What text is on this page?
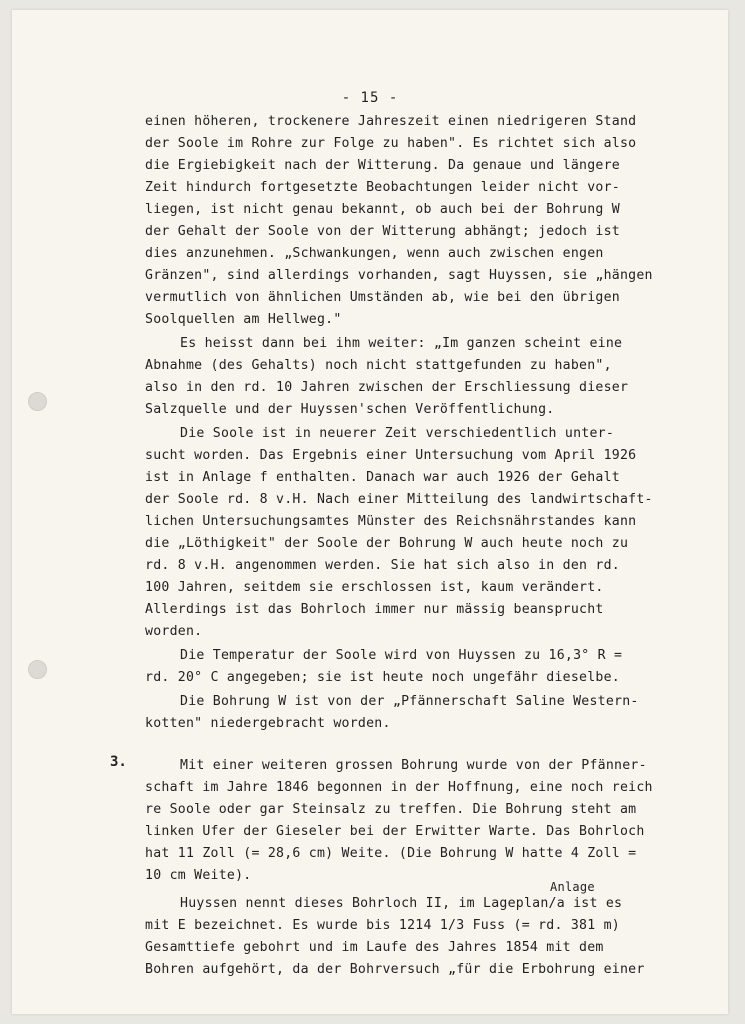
- 15 -
einen höheren, trockenere Jahreszeit einen niedrigeren Stand
der Soole im Rohre zur Folge zu haben". Es richtet sich also
die Ergiebigkeit nach der Witterung. Da genaue und längere
Zeit hindurch fortgesetzte Beobachtungen leider nicht vor-
liegen, ist nicht genau bekannt, ob auch bei der Bohrung W
der Gehalt der Soole von der Witterung abhängt; jedoch ist
dies anzunehmen. „Schwankungen, wenn auch zwischen engen
Gränzen", sind allerdings vorhanden, sagt Huyssen, sie „hängen
vermutlich von ähnlichen Umständen ab, wie bei den übrigen
Soolquellen am Hellweg."
Es heisst dann bei ihm weiter: „Im ganzen scheint eine
Abnahme (des Gehalts) noch nicht stattgefunden zu haben",
also in den rd. 10 Jahren zwischen der Erschliessung dieser
Salzquelle und der Huyssen'schen Veröffentlichung.
Die Soole ist in neuerer Zeit verschiedentlich unter-
sucht worden. Das Ergebnis einer Untersuchung vom April 1926
ist in Anlage f enthalten. Danach war auch 1926 der Gehalt
der Soole rd. 8 v.H. Nach einer Mitteilung des landwirtschaft-
lichen Untersuchungsamtes Münster des Reichsnährstandes kann
die „Löthigkeit" der Soole der Bohrung W auch heute noch zu
rd. 8 v.H. angenommen werden. Sie hat sich also in den rd.
100 Jahren, seitdem sie erschlossen ist, kaum verändert.
Allerdings ist das Bohrloch immer nur mässig beansprucht
worden.
Die Temperatur der Soole wird von Huyssen zu 16,3° R =
rd. 20° C angegeben; sie ist heute noch ungefähr dieselbe.
Die Bohrung W ist von der „Pfännerschaft Saline Western-
kotten" niedergebracht worden.
3.	Mit einer weiteren grossen Bohrung wurde von der Pfänner-
schaft im Jahre 1846 begonnen in der Hoffnung, eine noch reich
re Soole oder gar Steinsalz zu treffen. Die Bohrung steht am
linken Ufer der Gieseler bei der Erwitter Warte. Das Bohrloch
hat 11 Zoll (= 28,6 cm) Weite. (Die Bohrung W hatte 4 Zoll =
10 cm Weite).
Anlage
Huyssen nennt dieses Bohrloch II, im Lageplan/a ist es
mit E bezeichnet. Es wurde bis 1214 1/3 Fuss (= rd. 381 m)
Gesamttiefe gebohrt und im Laufe des Jahres 1854 mit dem
Bohren aufgehört, da der Bohrversuch „für die Erbohrung einer
